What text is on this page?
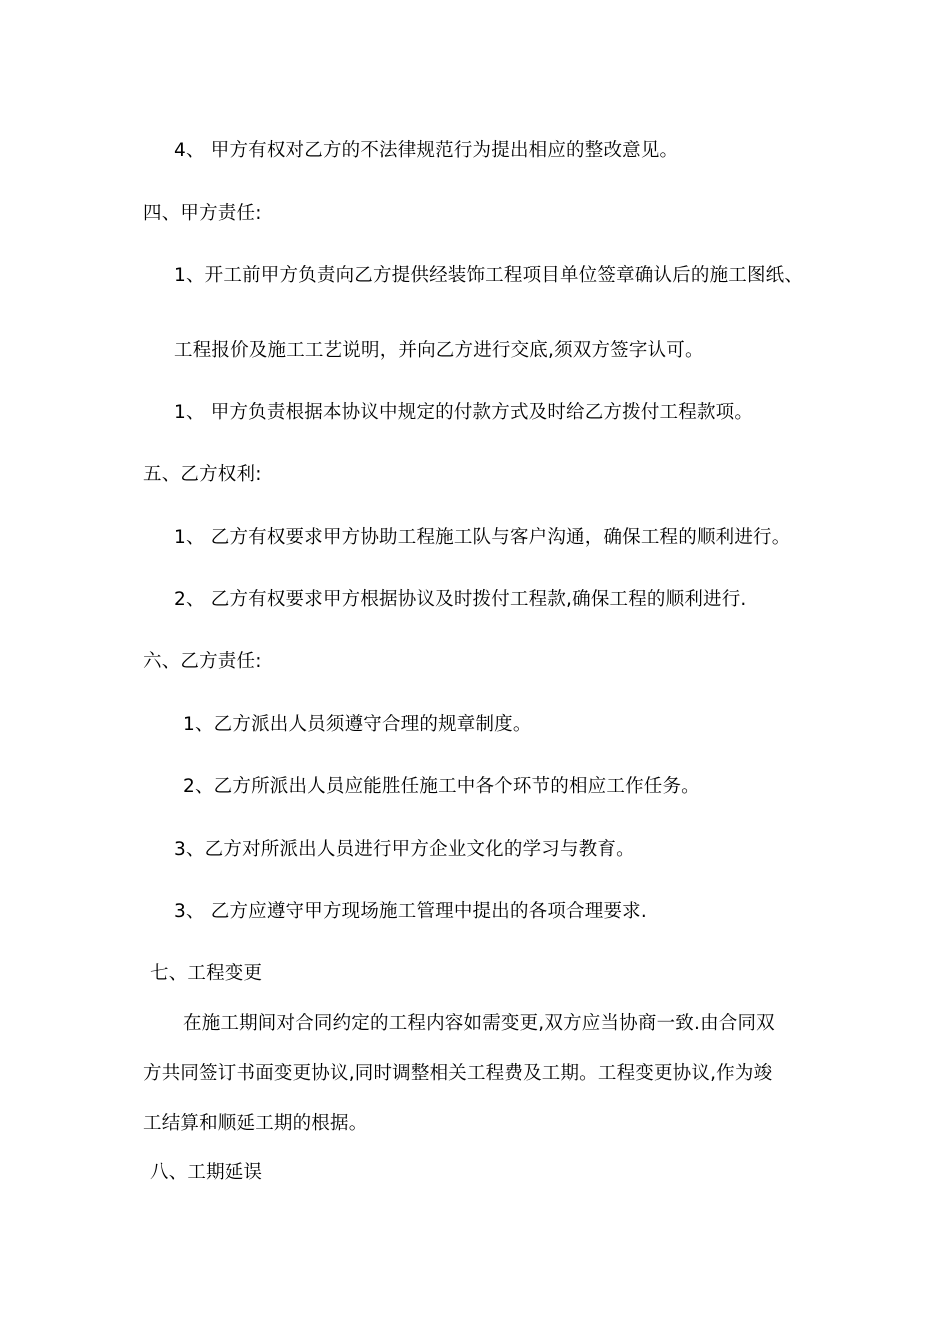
4、 甲方有权对乙方的不法律规范行为提出相应的整改意见。
四、甲方责任:
1、开工前甲方负责向乙方提供经装饰工程项目单位签章确认后的施工图纸、
工程报价及施工工艺说明，并向乙方进行交底,须双方签字认可。
1、 甲方负责根据本协议中规定的付款方式及时给乙方拨付工程款项。
五、乙方权利:
1、 乙方有权要求甲方协助工程施工队与客户沟通，确保工程的顺利进行。
2、 乙方有权要求甲方根据协议及时拨付工程款,确保工程的顺利进行.
六、乙方责任:
1、乙方派出人员须遵守合理的规章制度。
2、乙方所派出人员应能胜任施工中各个环节的相应工作任务。
3、乙方对所派出人员进行甲方企业文化的学习与教育。
3、 乙方应遵守甲方现场施工管理中提出的各项合理要求.
七、工程变更
在施工期间对合同约定的工程内容如需变更,双方应当协商一致.由合同双
方共同签订书面变更协议,同时调整相关工程费及工期。工程变更协议,作为竣
工结算和顺延工期的根据。
八、工期延误
